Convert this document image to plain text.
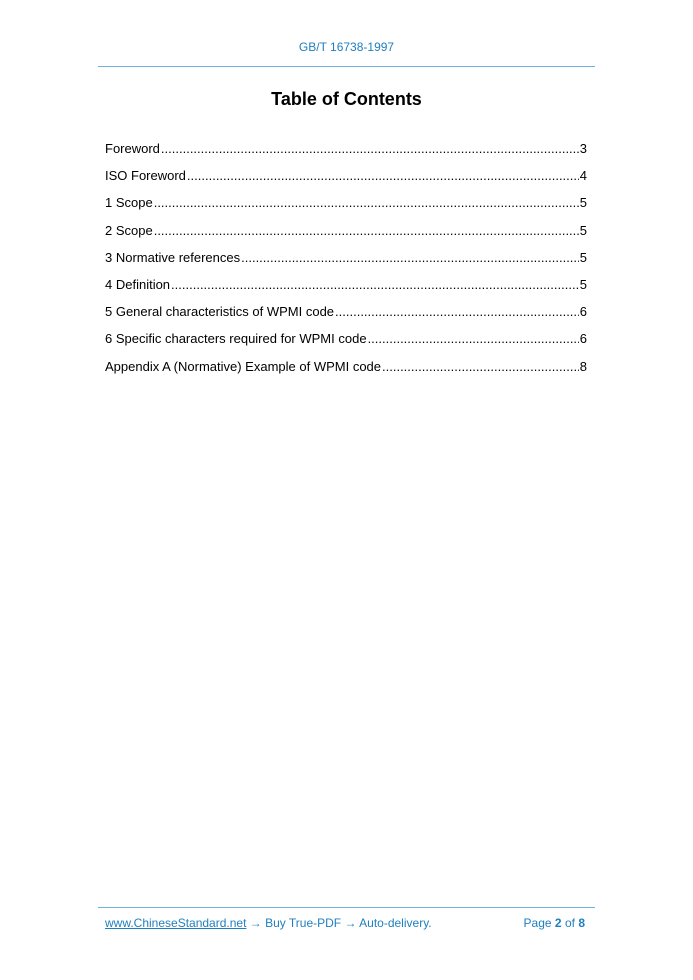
GB/T 16738-1997
Table of Contents
Foreword .....	3
ISO Foreword .....	4
1 Scope .....	5
2 Scope .....	5
3 Normative references .....	5
4 Definition .....	5
5 General characteristics of WPMI code .....	6
6 Specific characters required for WPMI code .....	6
Appendix A (Normative) Example of WPMI code .....	8
www.ChineseStandard.net → Buy True-PDF → Auto-delivery.	Page 2 of 8
